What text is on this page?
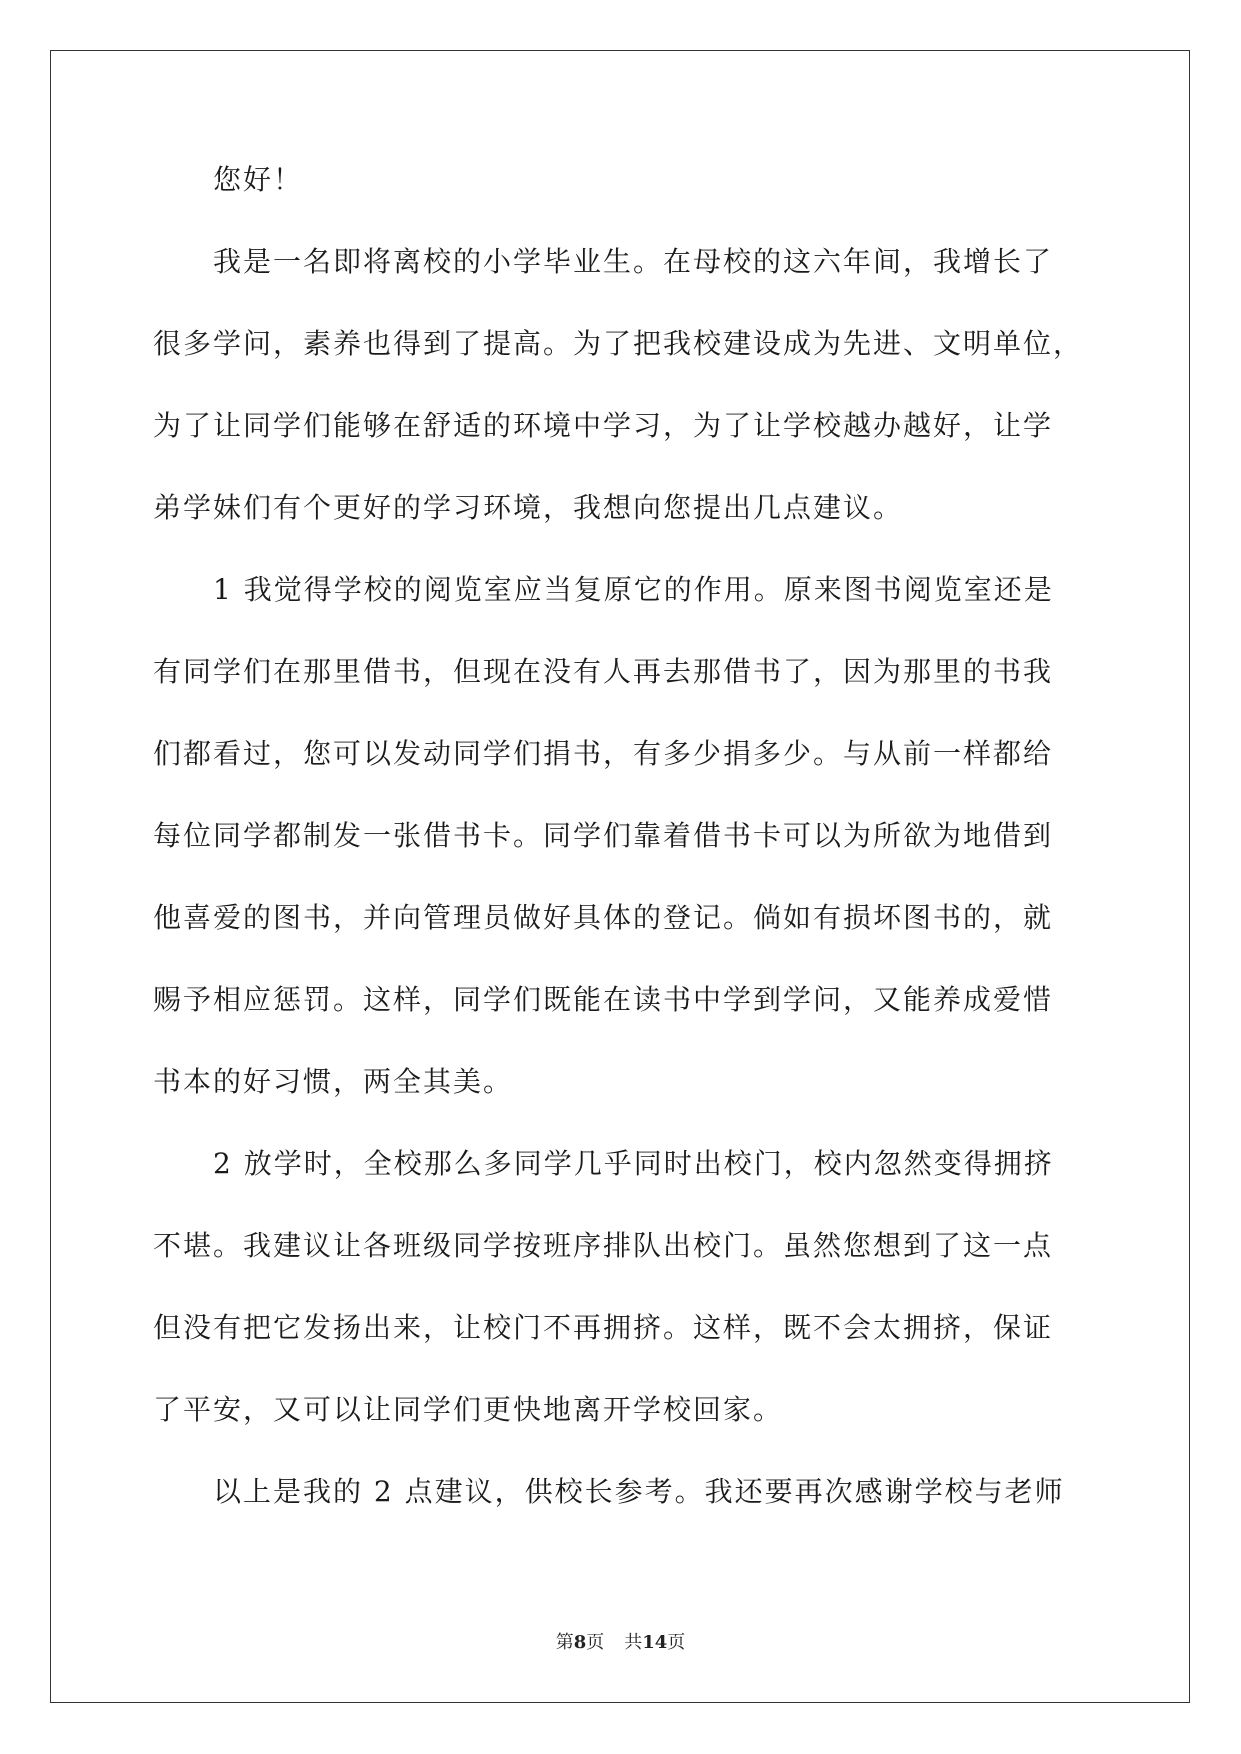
您好！
我是一名即将离校的小学毕业生。在母校的这六年间，我增长了
很多学问，素养也得到了提高。为了把我校建设成为先进、文明单位，
为了让同学们能够在舒适的环境中学习，为了让学校越办越好，让学
弟学妹们有个更好的学习环境，我想向您提出几点建议。
1 我觉得学校的阅览室应当复原它的作用。原来图书阅览室还是
有同学们在那里借书，但现在没有人再去那借书了，因为那里的书我
们都看过，您可以发动同学们捐书，有多少捐多少。与从前一样都给
每位同学都制发一张借书卡。同学们靠着借书卡可以为所欲为地借到
他喜爱的图书，并向管理员做好具体的登记。倘如有损坏图书的，就
赐予相应惩罚。这样，同学们既能在读书中学到学问，又能养成爱惜
书本的好习惯，两全其美。
2 放学时，全校那么多同学几乎同时出校门，校内忽然变得拥挤
不堪。我建议让各班级同学按班序排队出校门。虽然您想到了这一点
但没有把它发扬出来，让校门不再拥挤。这样，既不会太拥挤，保证
了平安，又可以让同学们更快地离开学校回家。
以上是我的 2 点建议，供校长参考。我还要再次感谢学校与老师
第8页 共14页
